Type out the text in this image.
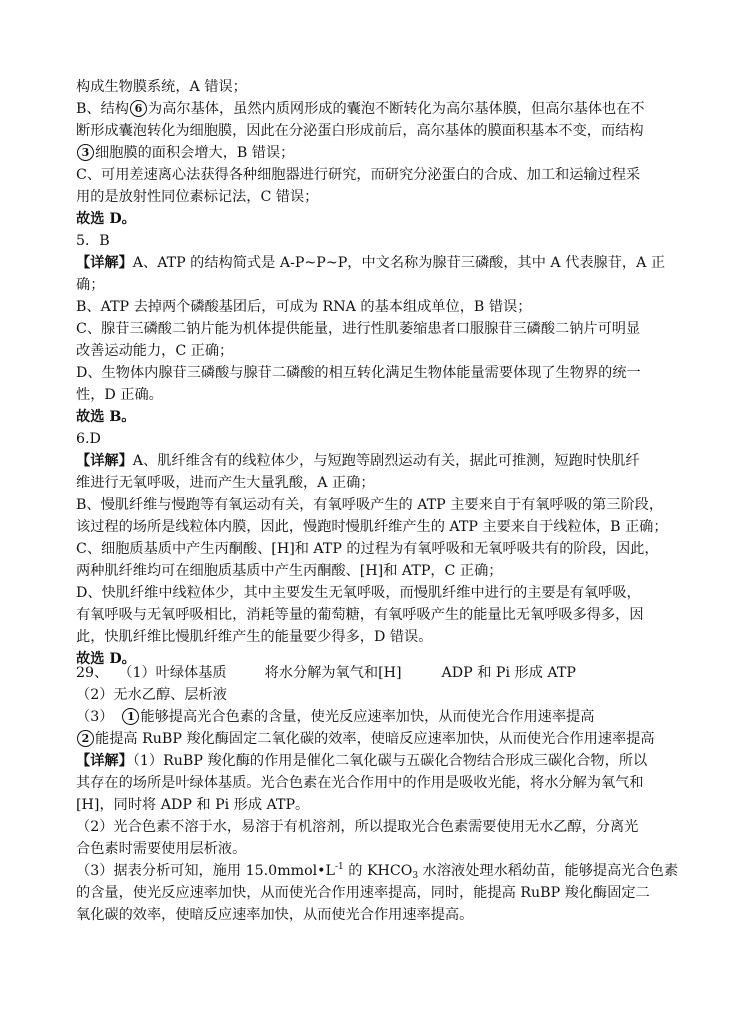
构成生物膜系统，A 错误；
B、结构 6 为高尔基体，虽然内质网形成的囊泡不断转化为高尔基体膜，但高尔基体也在不
断形成囊泡转化为细胞膜，因此在分泌蛋白形成前后，高尔基体的膜面积基本不变，而结构
3 细胞膜的面积会增大，B 错误；
C、可用差速离心法获得各种细胞器进行研究，而研究分泌蛋白的合成、加工和运输过程采
用的是放射性同位素标记法，C 错误；
故选 D。
5．B
【详解】A、ATP 的结构简式是 A-P~P~P，中文名称为腺苷三磷酸，其中 A 代表腺苷，A 正
确；
B、ATP 去掉两个磷酸基团后，可成为 RNA 的基本组成单位，B 错误；
C、腺苷三磷酸二钠片能为机体提供能量，进行性肌萎缩患者口服腺苷三磷酸二钠片可明显
改善运动能力，C 正确；
D、生物体内腺苷三磷酸与腺苷二磷酸的相互转化满足生物体能量需要体现了生物界的统一
性，D 正确。
故选 B。
6.D
【详解】A、肌纤维含有的线粒体少，与短跑等剧烈运动有关，据此可推测，短跑时快肌纤
维进行无氧呼吸，进而产生大量乳酸，A 正确；
B、慢肌纤维与慢跑等有氧运动有关，有氧呼吸产生的 ATP 主要来自于有氧呼吸的第三阶段，
该过程的场所是线粒体内膜，因此，慢跑时慢肌纤维产生的 ATP 主要来自于线粒体，B 正确；
C、细胞质基质中产生丙酮酸、[H]和 ATP 的过程为有氧呼吸和无氧呼吸共有的阶段，因此，
两种肌纤维均可在细胞质基质中产生丙酮酸、[H]和 ATP，C 正确；
D、快肌纤维中线粒体少，其中主要发生无氧呼吸，而慢肌纤维中进行的主要是有氧呼吸，
有氧呼吸与无氧呼吸相比，消耗等量的葡萄糖，有氧呼吸产生的能量比无氧呼吸多得多，因
此，快肌纤维比慢肌纤维产生的能量要少得多，D 错误。
故选 D。
29、 （1）叶绿体基质	将水分解为氧气和[H]	ADP 和 Pi 形成 ATP
（2）无水乙醇、层析液
（3） 1 能够提高光合色素的含量，使光反应速率加快，从而使光合作用速率提高
2 能提高 RuBP 羧化酶固定二氧化碳的效率，使暗反应速率加快，从而使光合作用速率提高
【详解】（1）RuBP 羧化酶的作用是催化二氧化碳与五碳化合物结合形成三碳化合物，所以
其存在的场所是叶绿体基质。光合色素在光合作用中的作用是吸收光能，将水分解为氧气和
[H]，同时将 ADP 和 Pi 形成 ATP。
（2）光合色素不溶于水，易溶于有机溶剂，所以提取光合色素需要使用无水乙醇，分离光
合色素时需要使用层析液。
（3）据表分析可知，施用 $15.0mmol•L^{-1}$ 的 $KHCO_3$ 水溶液处理水稻幼苗，能够提高光合色素
的含量，使光反应速率加快，从而使光合作用速率提高，同时，能提高 RuBP 羧化酶固定二
氧化碳的效率，使暗反应速率加快，从而使光合作用速率提高。
